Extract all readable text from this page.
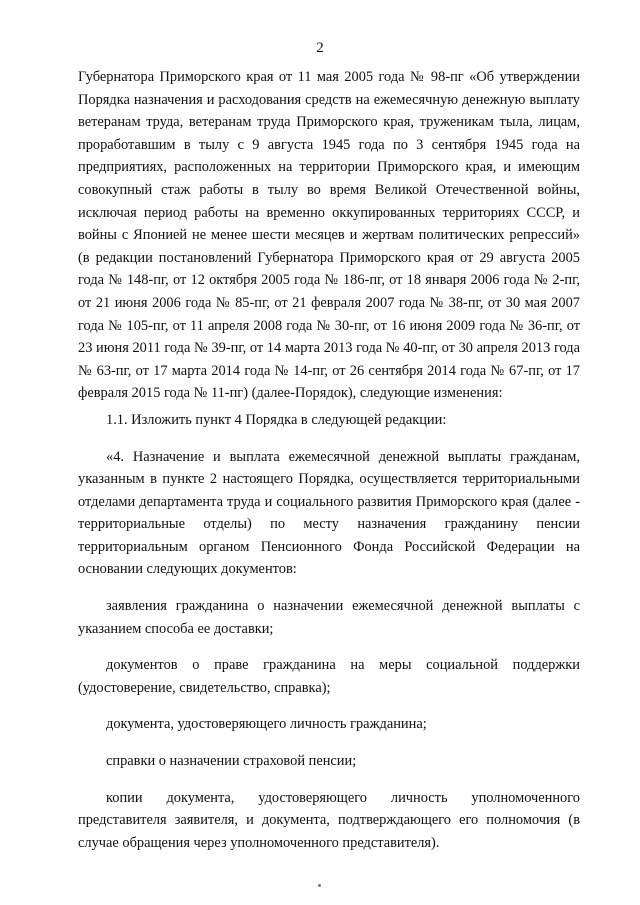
2

Губернатора Приморского края от 11 мая 2005 года № 98-пг «Об утверждении Порядка назначения и расходования средств на ежемесячную денежную выплату ветеранам труда, ветеранам труда Приморского края, труженикам тыла, лицам, проработавшим в тылу с 9 августа 1945 года по 3 сентября 1945 года на предприятиях, расположенных на территории Приморского края, и имеющим совокупный стаж работы в тылу во время Великой Отечественной войны, исключая период работы на временно оккупированных территориях СССР, и войны с Японией не менее шести месяцев и жертвам политических репрессий» (в редакции постановлений Губернатора Приморского края от 29 августа 2005 года № 148-пг, от 12 октября 2005 года № 186-пг, от 18 января 2006 года № 2-пг, от 21 июня 2006 года № 85-пг, от 21 февраля 2007 года № 38-пг, от 30 мая 2007 года № 105-пг, от 11 апреля 2008 года № 30-пг, от 16 июня 2009 года № 36-пг, от 23 июня 2011 года № 39-пг, от 14 марта 2013 года № 40-пг, от 30 апреля 2013 года № 63-пг, от 17 марта 2014 года № 14-пг, от 26 сентября 2014 года № 67-пг, от 17 февраля 2015 года № 11-пг) (далее-Порядок), следующие изменения:

1.1. Изложить пункт 4 Порядка в следующей редакции:

«4. Назначение и выплата ежемесячной денежной выплаты гражданам, указанным в пункте 2 настоящего Порядка, осуществляется территориальными отделами департамента труда и социального развития Приморского края (далее - территориальные отделы) по месту назначения гражданину пенсии территориальным органом Пенсионного Фонда Российской Федерации на основании следующих документов:

заявления гражданина о назначении ежемесячной денежной выплаты с указанием способа ее доставки;

документов о праве гражданина на меры социальной поддержки (удостоверение, свидетельство, справка);

документа, удостоверяющего личность гражданина;

справки о назначении страховой пенсии;

копии документа, удостоверяющего личность уполномоченного представителя заявителя, и документа, подтверждающего его полномочия (в случае обращения через уполномоченного представителя).
